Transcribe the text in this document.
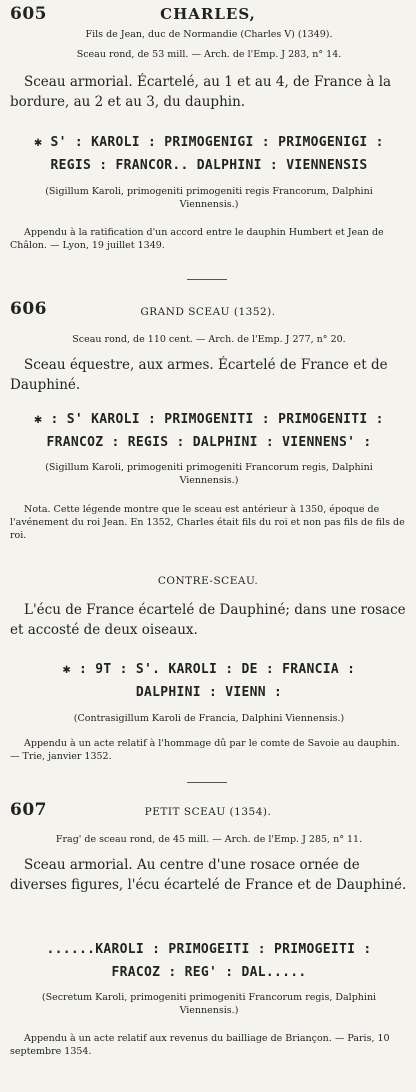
605	CHARLES,
Fils de Jean, duc de Normandie (Charles V) (1349).
Sceau rond, de 53 mill. — Arch. de l'Emp. J 283, n° 14.
Sceau armorial. Écartelé, au 1 et au 4, de France à la bordure, au 2 et au 3, du dauphin.
✱ S' : KAROLI : PRIMOGENIGI : PRIMOGENIGI :
REGIS : FRANCOR.. DALPHINI : VIENNENSIS
(Sigillum Karoli, primogeniti primogeniti regis Francorum, Dalphini Viennensis.)
Appendu à la ratification d'un accord entre le dauphin Humbert et Jean de Châlon. — Lyon, 19 juillet 1349.
606	GRAND SCEAU (1352).
Sceau rond, de 110 cent. — Arch. de l'Emp. J 277, n° 20.
Sceau équestre, aux armes. Écartelé de France et de Dauphiné.
✱ : S' KAROLI : PRIMOGENITI : PRIMOGENITI :
FRANCOZ : REGIS : DALPHINI : VIENNENS' :
(Sigillum Karoli, primogeniti primogeniti Francorum regis, Dalphini Viennensis.)
Nota. Cette légende montre que le sceau est antérieur à 1350, époque de l'avénement du roi Jean. En 1352, Charles était fils du roi et non pas fils de fils de roi.
CONTRE-SCEAU.
L'écu de France écartelé de Dauphiné; dans une rosace et accosté de deux oiseaux.
✱ : 9T : S'. KAROLI : DE : FRANCIA :
DALPHINI : VIENN :
(Contrasigillum Karoli de Francia, Dalphini Viennensis.)
Appendu à un acte relatif à l'hommage dû par le comte de Savoie au dauphin. — Trie, janvier 1352.
607	PETIT SCEAU (1354).
Frag' de sceau rond, de 45 mill. — Arch. de l'Emp. J 285, n° 11.
Sceau armorial. Au centre d'une rosace ornée de diverses figures, l'écu écartelé de France et de Dauphiné.
......KAROLI : PRIMOGEITI : PRIMOGEITI :
FRACOZ : REG' : DAL.....
(Secretum Karoli, primogeniti primogeniti Francorum regis, Dalphini Viennensis.)
Appendu à un acte relatif aux revenus du bailliage de Briançon. — Paris, 10 septembre 1354.
